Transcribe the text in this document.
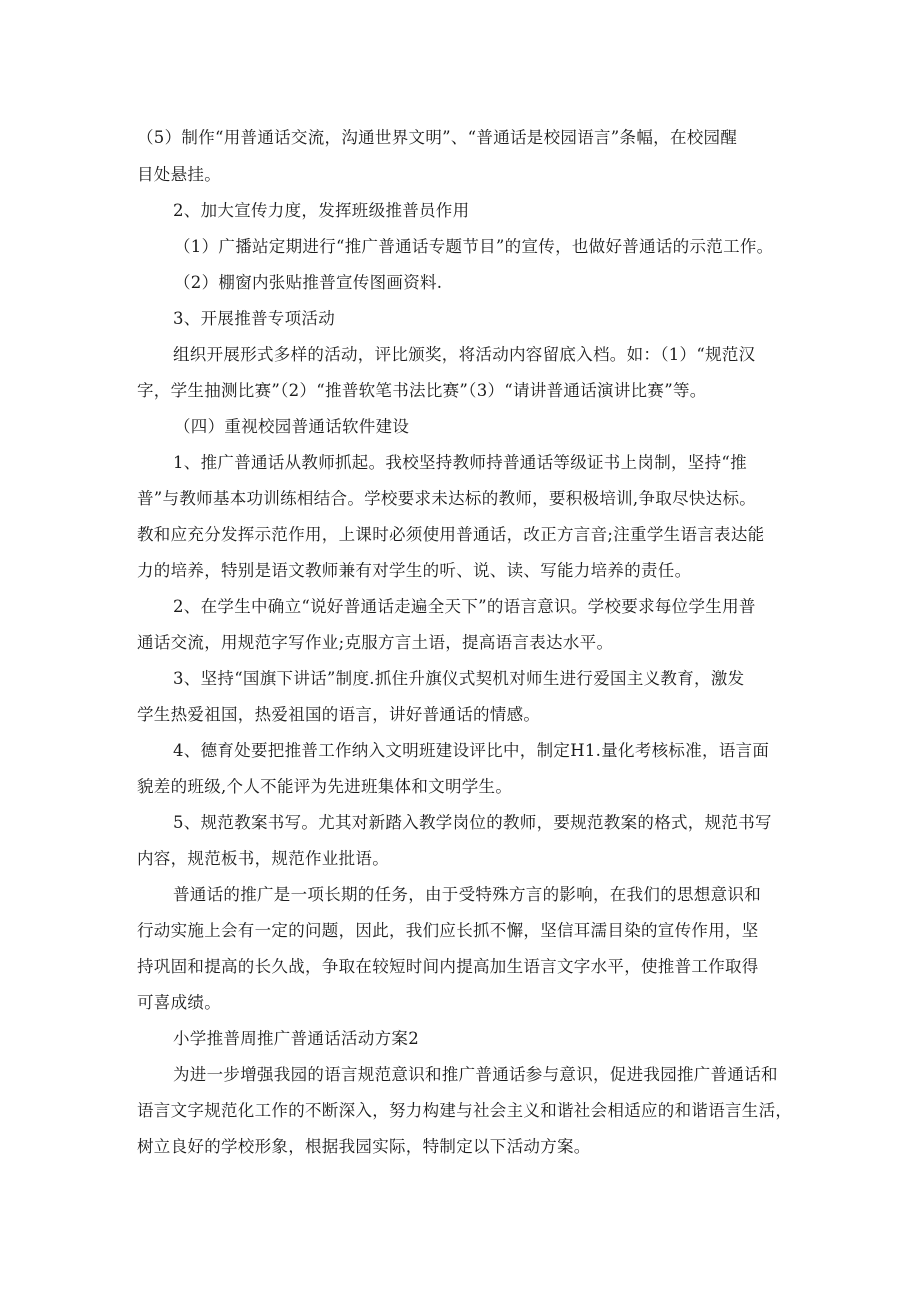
（5）制作“用普通话交流，沟通世界文明”、“普通话是校园语言”条幅，在校园醒
目处悬挂。
2、加大宣传力度，发挥班级推普员作用
（1）广播站定期进行“推广普通话专题节目”的宣传，也做好普通话的示范工作。
（2）棚窗内张贴推普宣传图画资料.
3、开展推普专项活动
组织开展形式多样的活动，评比颁奖，将活动内容留底入档。如：（1）“规范汉
字，学生抽测比赛”（2）“推普软笔书法比赛”（3）“请讲普通话演讲比赛”等。
（四）重视校园普通话软件建设
1、推广普通话从教师抓起。我校坚持教师持普通话等级证书上岗制，坚持“推
普”与教师基本功训练相结合。学校要求未达标的教师，要积极培训,争取尽快达标。
教和应充分发挥示范作用，上课时必须使用普通话，改正方言音;注重学生语言表达能
力的培养，特别是语文教师兼有对学生的听、说、读、写能力培养的责任。
2、在学生中确立“说好普通话走遍全天下”的语言意识。学校要求每位学生用普
通话交流，用规范字写作业;克服方言土语，提高语言表达水平。
3、坚持“国旗下讲话”制度.抓住升旗仪式契机对师生进行爱国主义教育，激发
学生热爱祖国，热爱祖国的语言，讲好普通话的情感。
4、德育处要把推普工作纳入文明班建设评比中，制定H1.量化考核标准，语言面
貌差的班级,个人不能评为先进班集体和文明学生。
5、规范教案书写。尤其对新踏入教学岗位的教师，要规范教案的格式，规范书写
内容，规范板书，规范作业批语。
普通话的推广是一项长期的任务，由于受特殊方言的影响，在我们的思想意识和
行动实施上会有一定的问题，因此，我们应长抓不懈，坚信耳濡目染的宣传作用，坚
持巩固和提高的长久战，争取在较短时间内提高加生语言文字水平，使推普工作取得
可喜成绩。
小学推普周推广普通话活动方案2
为进一步增强我园的语言规范意识和推广普通话参与意识，促进我园推广普通话和
语言文字规范化工作的不断深入，努力构建与社会主义和谐社会相适应的和谐语言生活，
树立良好的学校形象，根据我园实际，特制定以下活动方案。
